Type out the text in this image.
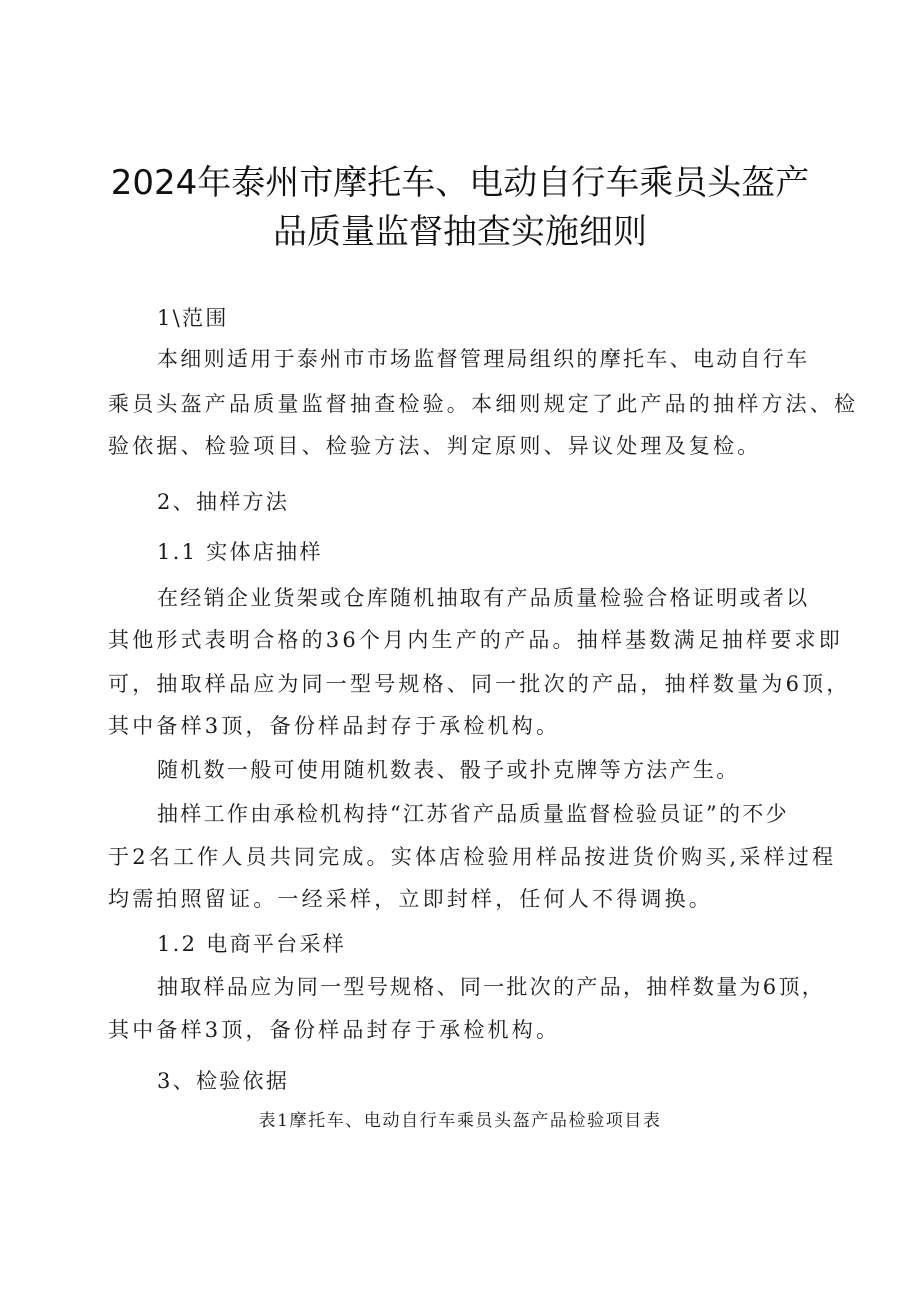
2024年泰州市摩托车、电动自行车乘员头盔产
品质量监督抽查实施细则
1\范围
本细则适用于泰州市市场监督管理局组织的摩托车、电动自行车
乘员头盔产品质量监督抽查检验。本细则规定了此产品的抽样方法、检
验依据、检验项目、检验方法、判定原则、异议处理及复检。
2、抽样方法
1.1 实体店抽样
在经销企业货架或仓库随机抽取有产品质量检验合格证明或者以
其他形式表明合格的36个月内生产的产品。抽样基数满足抽样要求即
可，抽取样品应为同一型号规格、同一批次的产品，抽样数量为6顶，
其中备样3顶，备份样品封存于承检机构。
随机数一般可使用随机数表、骰子或扑克牌等方法产生。
抽样工作由承检机构持“江苏省产品质量监督检验员证”的不少
于2名工作人员共同完成。实体店检验用样品按进货价购买,采样过程
均需拍照留证。一经采样，立即封样，任何人不得调换。
1.2 电商平台采样
抽取样品应为同一型号规格、同一批次的产品，抽样数量为6顶，
其中备样3顶，备份样品封存于承检机构。
3、检验依据
表1摩托车、电动自行车乘员头盔产品检验项目表
